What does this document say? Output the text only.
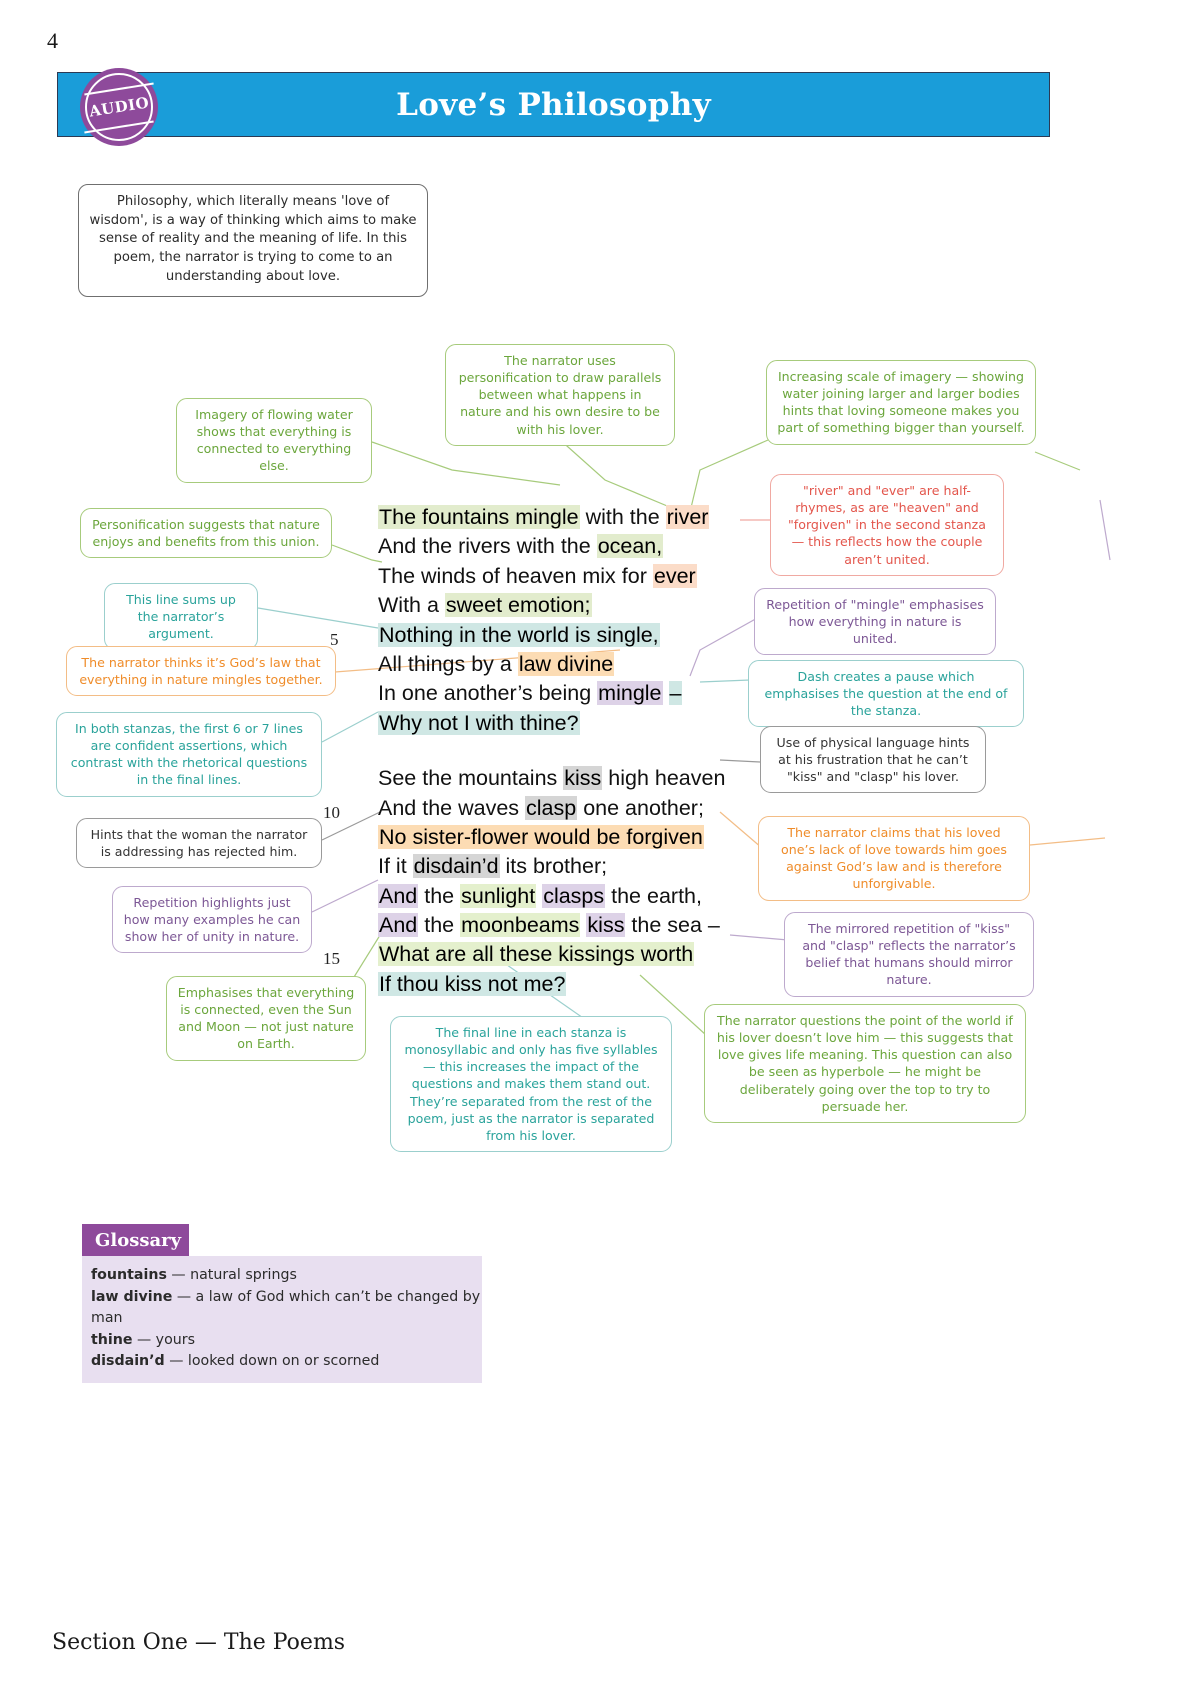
4
Love’s Philosophy
AUDIO
Philosophy, which literally means 'love of wisdom', is a way of thinking which aims to make sense of reality and the meaning of life. In this poem, the narrator is trying to come to an understanding about love.
The fountains mingle with the river
And the rivers with the ocean,
The winds of heaven mix for ever
With a sweet emotion;
5 Nothing in the world is single,
All things by a law divine
In one another’s being mingle –
Why not I with thine?
See the mountains kiss high heaven
10 And the waves clasp one another;
No sister-flower would be forgiven
If it disdain’d its brother;
And the sunlight clasps the earth,
And the moonbeams kiss the sea –
15 What are all these kissings worth
If thou kiss not me?
Imagery of flowing water shows that everything is connected to everything else.
Personification suggests that nature enjoys and benefits from this union.
This line sums up the narrator’s argument.
The narrator thinks it’s God’s law that everything in nature mingles together.
In both stanzas, the first 6 or 7 lines are confident assertions, which contrast with the rhetorical questions in the final lines.
Hints that the woman the narrator is addressing has rejected him.
Repetition highlights just how many examples he can show her of unity in nature.
Emphasises that everything is connected, even the Sun and Moon — not just nature on Earth.
The narrator uses personification to draw parallels between what happens in nature and his own desire to be with his lover.
Increasing scale of imagery — showing water joining larger and larger bodies hints that loving someone makes you part of something bigger than yourself.
"river" and "ever" are half-rhymes, as are "heaven" and "forgiven" in the second stanza — this reflects how the couple aren’t united.
Repetition of "mingle" emphasises how everything in nature is united.
Dash creates a pause which emphasises the question at the end of the stanza.
Use of physical language hints at his frustration that he can’t "kiss" and "clasp" his lover.
The narrator claims that his loved one’s lack of love towards him goes against God’s law and is therefore unforgivable.
The mirrored repetition of "kiss" and "clasp" reflects the narrator’s belief that humans should mirror nature.
The final line in each stanza is monosyllabic and only has five syllables — this increases the impact of the questions and makes them stand out. They’re separated from the rest of the poem, just as the narrator is separated from his lover.
The narrator questions the point of the world if his lover doesn’t love him — this suggests that love gives life meaning. This question can also be seen as hyperbole — he might be deliberately going over the top to try to persuade her.
Glossary
fountains — natural springs
law divine — a law of God which can’t be changed by man
thine — yours
disdain’d — looked down on or scorned
Section One — The Poems
